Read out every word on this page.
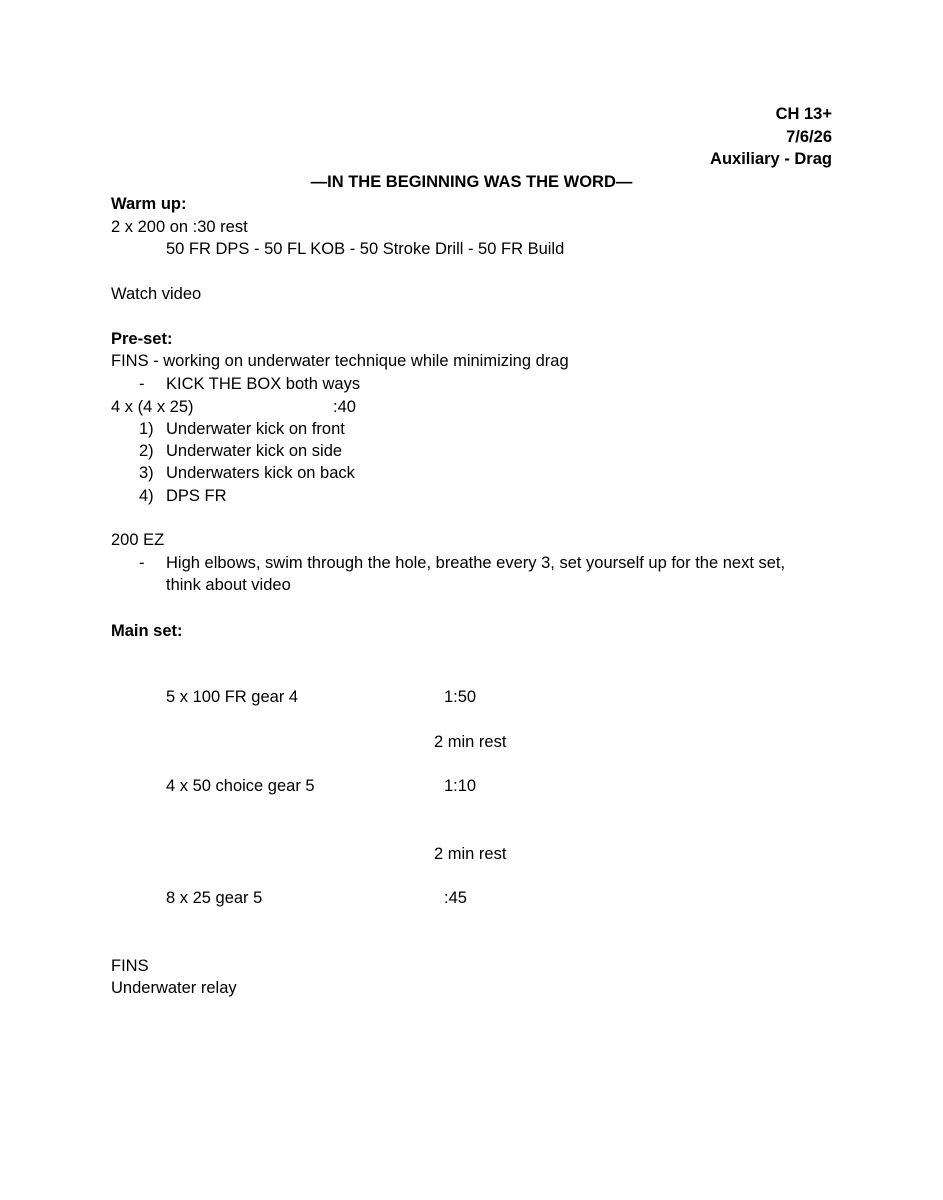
CH 13+
7/6/26
Auxiliary - Drag
—IN THE BEGINNING WAS THE WORD—
Warm up:
2 x 200 on :30 rest
50 FR DPS - 50 FL KOB - 50 Stroke Drill - 50 FR Build
Watch video
Pre-set:
FINS - working on underwater technique while minimizing drag
- KICK THE BOX both ways
4 x (4 x 25)	:40
1) Underwater kick on front
2) Underwater kick on side
3) Underwaters kick on back
4) DPS FR
200 EZ
- High elbows, swim through the hole, breathe every 3, set yourself up for the next set,
think about video
Main set:
5 x 100 FR gear 4	1:50
2 min rest
4 x 50 choice gear 5	1:10
2 min rest
8 x 25 gear 5	:45
FINS
Underwater relay
